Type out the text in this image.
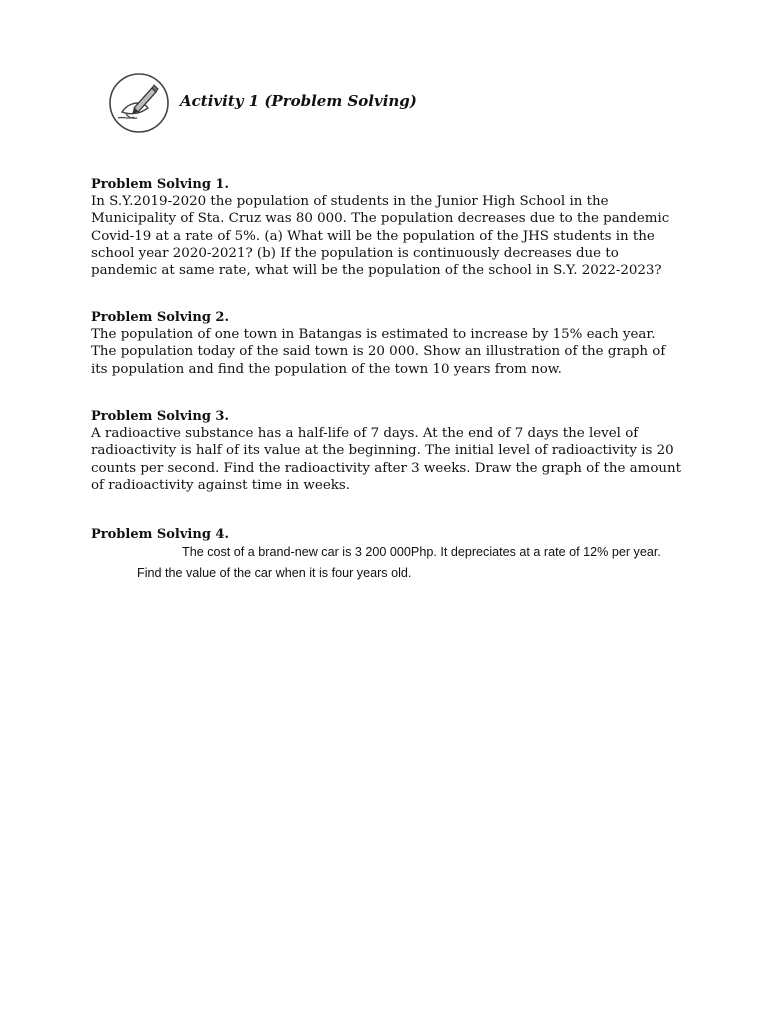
Activity 1 (Problem Solving)

Problem Solving 1.

In S.Y.2019-2020 the population of students in the Junior High School in the

Municipality of Sta. Cruz was 80 000. The population decreases due to the pandemic

Covid-19 at a rate of 5%. (a) What will be the population of the JHS students in the

school year 2020-2021? (b) If the population is continuously decreases due to

pandemic at same rate, what will be the population of the school in S.Y. 2022-2023?

Problem Solving 2.

The population of one town in Batangas is estimated to increase by 15% each year.

The population today of the said town is 20 000. Show an illustration of the graph of

its population and find the population of the town 10 years from now.

Problem Solving 3.

A radioactive substance has a half-life of 7 days. At the end of 7 days the level of

radioactivity is half of its value at the beginning. The initial level of radioactivity is 20

counts per second. Find the radioactivity after 3 weeks. Draw the graph of the amount

of radioactivity against time in weeks.

Problem Solving 4.

The cost of a brand-new car is 3 200 000Php. It depreciates at a rate of 12% per year.
Find the value of the car when it is four years old.
